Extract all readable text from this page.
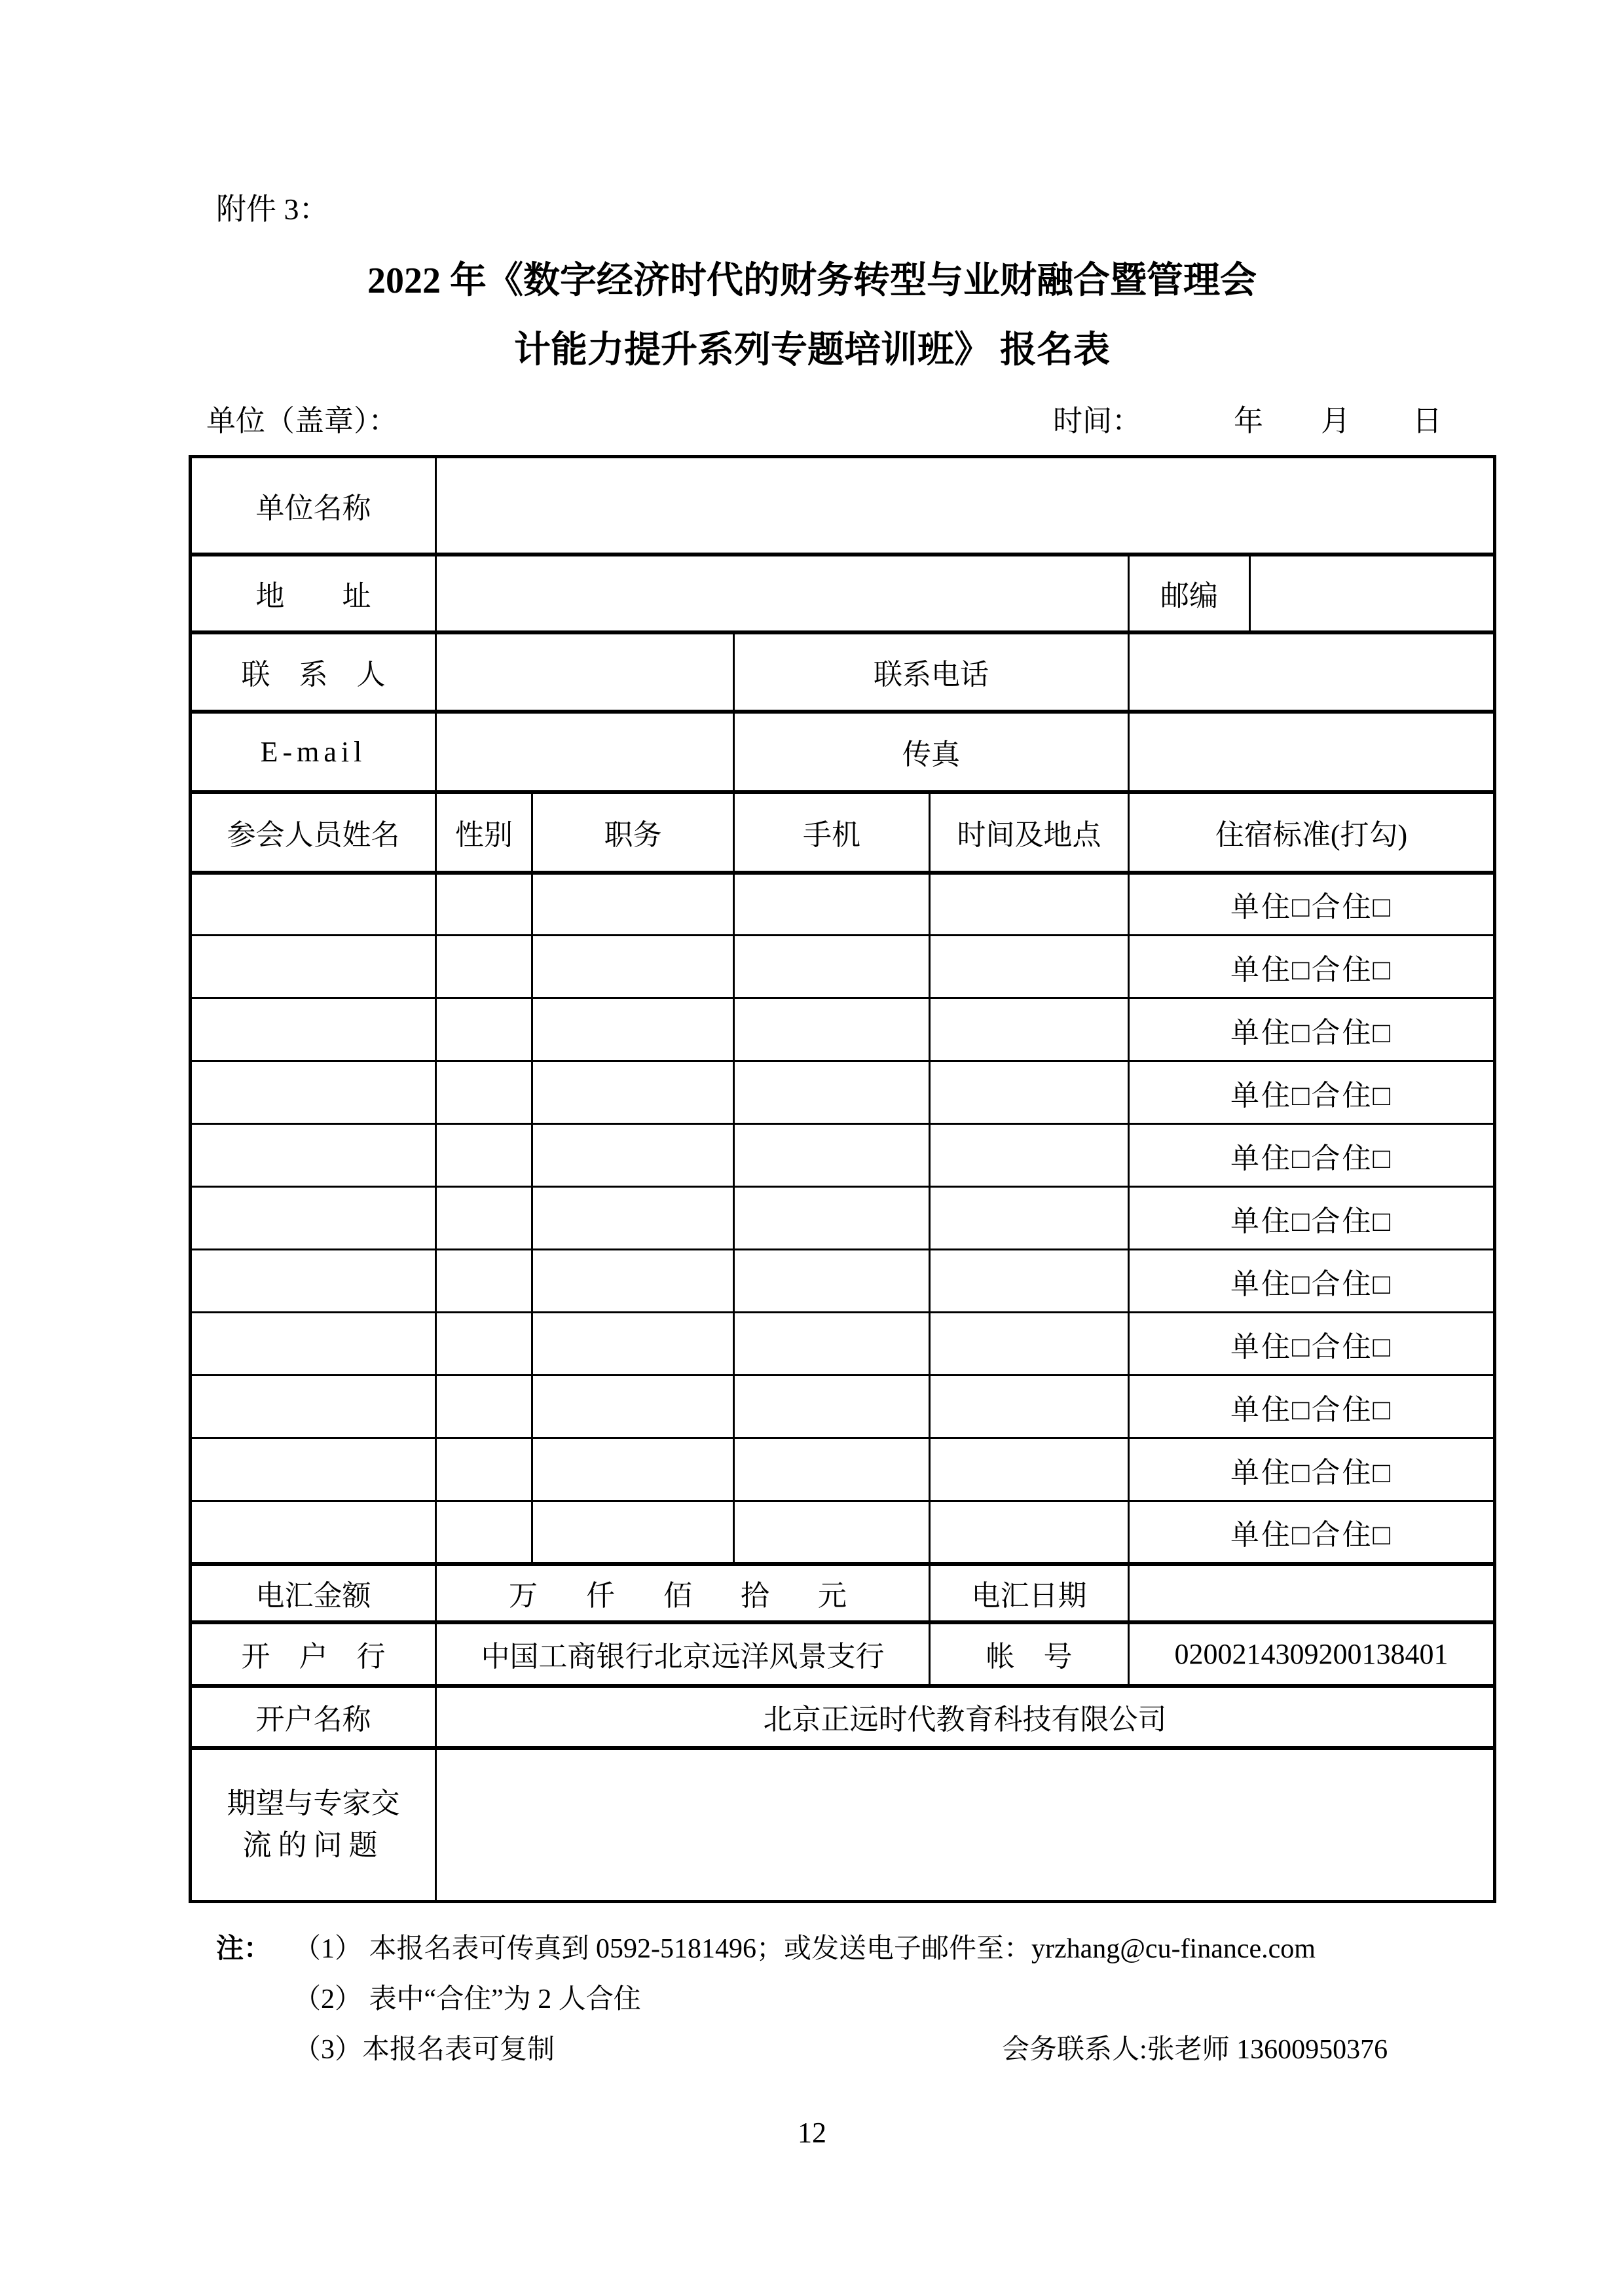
附件 3：
2022 年《数字经济时代的财务转型与业财融合暨管理会
计能力提升系列专题培训班》 报名表
单位（盖章）：	时间：	年 月 日
单位名称						
地　　址					邮编	
联　系　人			联系电话			
E-mail			传真			
参会人员姓名	性别	职务	手机	时间及地点	住宿标准(打勾)	
					单住□合住□	
					单住□合住□	
					单住□合住□	
					单住□合住□	
					单住□合住□	
					单住□合住□	
					单住□合住□	
					单住□合住□	
					单住□合住□	
					单住□合住□	
					单住□合住□	
电汇金额	万　仟　佰　拾　元			电汇日期		
开　户　行	中国工商银行北京远洋风景支行			帐　号	0200214309200138401	
开户名称	北京正远时代教育科技有限公司					

期望与专家交
流的问题						

注： （1） 本报名表可传真到 0592-5181496；或发送电子邮件至：yrzhang@cu-finance.com
（2） 表中“合住”为 2 人合住
（3）本报名表可复制	会务联系人:张老师 13600950376
12
